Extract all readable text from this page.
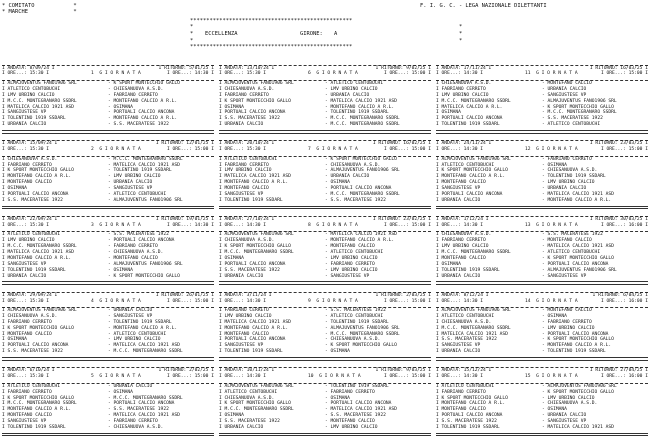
* COMITATO            *
* MARCHE              *
F. I. G. C. - LEGA NAZIONALE DILETTANTI
**************************************************
*	*
* ECCELLENZA	GIRONE: A	*
*	*
**************************************************
I ANDATA: 8/09/24 I	I RITORNO: 5/01/25 I
I ORE...: 15:30 I	1  G I O R N A T A	I ORE...: 14:30 I
I ALMAJUVENTUS FANO1906 SRL	- K SPORT MONTECCHIO GALLO
I ATLETICO CENTOBUCHI	- CHIESANUOVA A.S.D.
I LMV URBINO CALCIO	- FABRIANO CERRETO
I M.C.C. MONTEGRANARO SSDRL	- MONTEFANO CALCIO A R.L.
I MATELICA CALCIO 1921 ASD	- OSIMANA
I SANGIUSTESE VP	- PORTUALI CALCIO ANCONA
I TOLENTINO 1919 SSDARL	- MONTEFANO CALCIO A R.L.
I URBANIA CALCIO	- S.S. MACERATESE 1922
I ANDATA: 13/10/24 I	I RITORNO: 9/02/25 I
I ORE...: 15:30 I	6  G I O R N A T A	I ORE...: 15:00 I
I ALMAJUVENTUS FANO1906 SRL	- ATLETICO CENTOBUCHI
I CHIESANUOVA A.S.D.	- LMV URBINO CALCIO
I FABRIANO CERRETO	- URBANIA CALCIO
I K SPORT MONTECCHIO GALLO	- MATELICA CALCIO 1921 ASD
I OSIMANA	- MONTEFANO CALCIO A R.L.
I PORTUALI CALCIO ANCONA	- TOLENTINO 1919 SSDARL
I S.S. MACERATESE 1922	- M.C.C. MONTEGRANARO SSDRL
I URBANIA CALCIO	- M.C.C. MONTEGRANARO SSDRL
I ANDATA: 17/11/24 I	I RITORNO: 16/03/25 I
I ORE...: 14:30 I	11  G I O R N A T A	I ORE...: 15:00 I
I CHIESANUOVA A.S.D.	- MONTEFANO CALCIO
I FABRIANO CERRETO	- URBANIA CALCIO
I LMV URBINO CALCIO	- SANGIUSTESE VP
I M.C.C. MONTEGRANARO SSDRL	- ALMAJUVENTUS FANO1906 SRL
I MATELICA CALCIO A R.L.	- K SPORT MONTECCHIO GALLO
I OSIMANA	- M.C.C. MONTEGRANARO SSDRL
I PORTUALI CALCIO ANCONA	- S.S. MACERATESE 1922
I TOLENTINO 1919 SSDARL	- ATLETICO CENTOBUCHI
I ANDATA: 15/09/24 I	I RITORNO: 12/01/25 I
I ORE...: 15:30 I	2  G I O R N A T A	I ORE...: 15:00 I
I CHIESANUOVA A.S.D.	- M.C.C. MONTEGRANARO SSDRL
I FABRIANO CERRETO	- MATELICA CALCIO 1921 ASD
I K SPORT MONTECCHIO GALLO	- TOLENTINO 1919 SSDARL
I MONTEFANO CALCIO A R.L.	- LMV URBINO CALCIO
I MONTEFANO CALCIO	- URBANIA CALCIO
I OSIMANA	- SANGIUSTESE VP
I PORTUALI CALCIO ANCONA	- ATLETICO CENTOBUCHI
I S.S. MACERATESE 1922	- ALMAJUVENTUS FANO1906 SRL
I ANDATA: 20/10/24 I	I RITORNO: 16/02/25 I
I ORE...: 15:30 I	7  G I O R N A T A	I ORE...: 15:00 I
I ATLETICO CENTOBUCHI	- K SPORT MONTECCHIO GALLO
I FABRIANO CERRETO	- CHIESANUOVA A.S.D.
I LMV URBINO CALCIO	- ALMAJUVENTUS FANO1906 SRL
I MATELICA CALCIO 1921 ASD	- URBANIA CALCIO
I MONTEFANO CALCIO A R.L.	- OSIMANA
I MONTEFANO CALCIO	- PORTUALI CALCIO ANCONA
I SANGIUSTESE VP	- M.C.C. MONTEGRANARO SSDRL
I TOLENTINO 1919 SSDARL	- S.S. MACERATESE 1922
I ANDATA: 24/11/24 I	I RITORNO: 23/03/25 I
I ORE...: 14:30 I	12  G I O R N A T A	I ORE...: 15:00 I
I ALMAJUVENTUS FANO1906 SRL	- FABRIANO CERRETO
I ATLETICO CENTOBUCHI	- OSIMANA
I K SPORT MONTECCHIO GALLO	- CHIESANUOVA A.S.D.
I MONTEFANO CALCIO A R.L.	- TOLENTINO 1919 SSDARL
I MONTEFANO CALCIO	- LMV URBINO CALCIO
I SANGIUSTESE VP	- URBANIA CALCIO
I PORTUALI CALCIO ANCONA	- MATELICA CALCIO 1921 ASD
I URBANIA CALCIO	- MONTEFANO CALCIO A R.L.
I ANDATA: 22/09/24 I	I RITORNO: 19/01/25 I
I ORE...: 15:30 I	3  G I O R N A T A	I ORE...: 14:30 I
I ATLETICO CENTOBUCHI	- S.S. MACERATESE 1922
I LMV URBINO CALCIO	- PORTUALI CALCIO ANCONA
I M.C.C. MONTEGRANARO SSDRL	- FABRIANO CERRETO
I MATELICA CALCIO 1921 ASD	- CHIESANUOVA A.S.D.
I MONTEFANO CALCIO A R.L.	- MONTEFANO CALCIO
I SANGIUSTESE VP	- ALMAJUVENTUS FANO1906 SRL
I TOLENTINO 1919 SSDARL	- OSIMANA
I URBANIA CALCIO	- K SPORT MONTECCHIO GALLO
I ANDATA: 27/10/24 I	I RITORNO: 23/02/25 I
I ORE...: 14:30 I	8  G I O R N A T A	I ORE...: 15:00 I
I ALMAJUVENTUS FANO1906 SRL	- MATELICA CALCIO 1921 ASD
I CHIESANUOVA A.S.D.	- MONTEFANO CALCIO A R.L.
I K SPORT MONTECCHIO GALLO	- MONTEFANO CALCIO
I M.C.C. MONTEGRANARO SSDRL	- ATLETICO CENTOBUCHI
I OSIMANA	- LMV URBINO CALCIO
I PORTUALI CALCIO ANCONA	- FABRIANO CERRETO
I S.S. MACERATESE 1922	- LMV URBINO CALCIO
I URBANIA CALCIO	- SANGIUSTESE VP
I ANDATA: 1/12/24 I	I RITORNO: 30/03/25 I
I ORE...: 14:30 I	13  G I O R N A T A	I ORE...: 16:00 I
I CHIESANUOVA A.S.D.	- S.S. MACERATESE 1922
I FABRIANO CERRETO	- MONTEFANO CALCIO
I LMV URBINO CALCIO	- MATELICA CALCIO 1921 ASD
I M.C.C. MONTEGRANARO SSDRL	- ATLETICO CENTOBUCHI
I MONTEFANO CALCIO	- K SPORT MONTECCHIO GALLO
I OSIMANA	- PORTUALI CALCIO ANCONA
I TOLENTINO 1919 SSDARL	- ALMAJUVENTUS FANO1906 SRL
I URBANIA CALCIO	- SANGIUSTESE VP
I ANDATA: 29/09/24 I	I RITORNO: 26/01/25 I
I ORE...: 15:30 I	4  G I O R N A T A	I ORE...: 15:00 I
I ALMAJUVENTUS FANO1906 SRL	- URBANIA CALCIO
I CHIESANUOVA A.S.D.	- SANGIUSTESE VP
I FABRIANO CERRETO	- TOLENTINO 1919 SSDARL
I K SPORT MONTECCHIO GALLO	- MONTEFANO CALCIO A R.L.
I MONTEFANO CALCIO	- ATLETICO CENTOBUCHI
I OSIMANA	- LMV URBINO CALCIO
I PORTUALI CALCIO ANCONA	- MATELICA CALCIO 1921 ASD
I S.S. MACERATESE 1922	- M.C.C. MONTEGRANARO SSDRL
I ANDATA: 3/11/24 I	I RITORNO: 2/03/25 I
I ORE...: 14:30 I	9  G I O R N A T A	I ORE...: 15:00 I
I FABRIANO CERRETO	- S.S. MACERATESE 1922
I LMV URBINO CALCIO	- ATLETICO CENTOBUCHI
I MATELICA CALCIO 1921 ASD	- TOLENTINO 1919 SSDARL
I MONTEFANO CALCIO A R.L.	- ALMAJUVENTUS FANO1906 SRL
I MONTEFANO CALCIO	- M.C.C. MONTEGRANARO SSDRL
I PORTUALI CALCIO ANCONA	- CHIESANUOVA A.S.D.
I SANGIUSTESE VP	- K SPORT MONTECCHIO GALLO
I TOLENTINO 1919 SSDARL	- OSIMANA
I ANDATA: 8/12/24 I	I RITORNO: 6/04/25 I
I ORE...: 14:30 I	14  G I O R N A T A	I ORE...: 16:00 I
I ALMAJUVENTUS FANO1906 SRL	- MONTEFANO CALCIO
I ATLETICO CENTOBUCHI	- OSIMANA
I CHIESANUOVA A.S.D.	- FABRIANO CERRETO
I M.C.C. MONTEGRANARO SSDRL	- LMV URBINO CALCIO
I MATELICA CALCIO 1921 ASD	- PORTUALI CALCIO ANCONA
I S.S. MACERATESE 1922	- K SPORT MONTECCHIO GALLO
I SANGIUSTESE VP	- MONTEFANO CALCIO A R.L.
I URBANIA CALCIO	- TOLENTINO 1919 SSDARL
I ANDATA: 6/10/24 I	I RITORNO: 2/02/25 I
I ORE...: 15:30 I	5  G I O R N A T A	I ORE...: 15:00 I
I ATLETICO CENTOBUCHI	- URBANIA CALCIO
I FABRIANO CERRETO	- OSIMANA
I K SPORT MONTECCHIO GALLO	- M.C.C. MONTEGRANARO SSDRL
I M.C.C. MONTEGRANARO SSDRL	- PORTUALI CALCIO ANCONA
I MONTEFANO CALCIO A R.L.	- S.S. MACERATESE 1922
I MONTEFANO CALCIO	- MATELICA CALCIO 1921 ASD
I SANGIUSTESE VP	- FABRIANO CERRETO
I TOLENTINO 1919 SSDARL	- CHIESANUOVA A.S.D.
I ANDATA: 10/11/24 I	I RITORNO: 9/03/25 I
I ORE...: 14:30 I	10  G I O R N A T A	I ORE...: 15:00 I
I ALMAJUVENTUS FANO1906 SRL	- TOLENTINO 1919 SSDARL
I ATLETICO CENTOBUCHI	- FABRIANO CERRETO
I CHIESANUOVA A.S.D.	- OSIMANA
I K SPORT MONTECCHIO GALLO	- PORTUALI CALCIO ANCONA
I M.C.C. MONTEGRANARO SSDRL	- MATELICA CALCIO 1921 ASD
I OSIMANA	- S.S. MACERATESE 1922
I S.S. MACERATESE 1922	- MONTEFANO CALCIO
I URBANIA CALCIO	- LMV URBINO CALCIO
I ANDATA: 15/12/24 I	I RITORNO: 27/04/25 I
I ORE...: 14:30 I	15  G I O R N A T A	I ORE...: 16:00 I
I ATLETICO CENTOBUCHI	- ALMAJUVENTUS FANO1906 SRL
I FABRIANO CERRETO	- K SPORT MONTECCHIO GALLO
I K SPORT MONTECCHIO GALLO	- LMV URBINO CALCIO
I MONTEFANO CALCIO A R.L.	- CHIESANUOVA A.S.D.
I MONTEFANO CALCIO	- OSIMANA
I PORTUALI CALCIO ANCONA	- URBANIA CALCIO
I S.S. MACERATESE 1922	- SANGIUSTESE VP
I TOLENTINO 1919 SSDARL	- MATELICA CALCIO 1921 ASD
